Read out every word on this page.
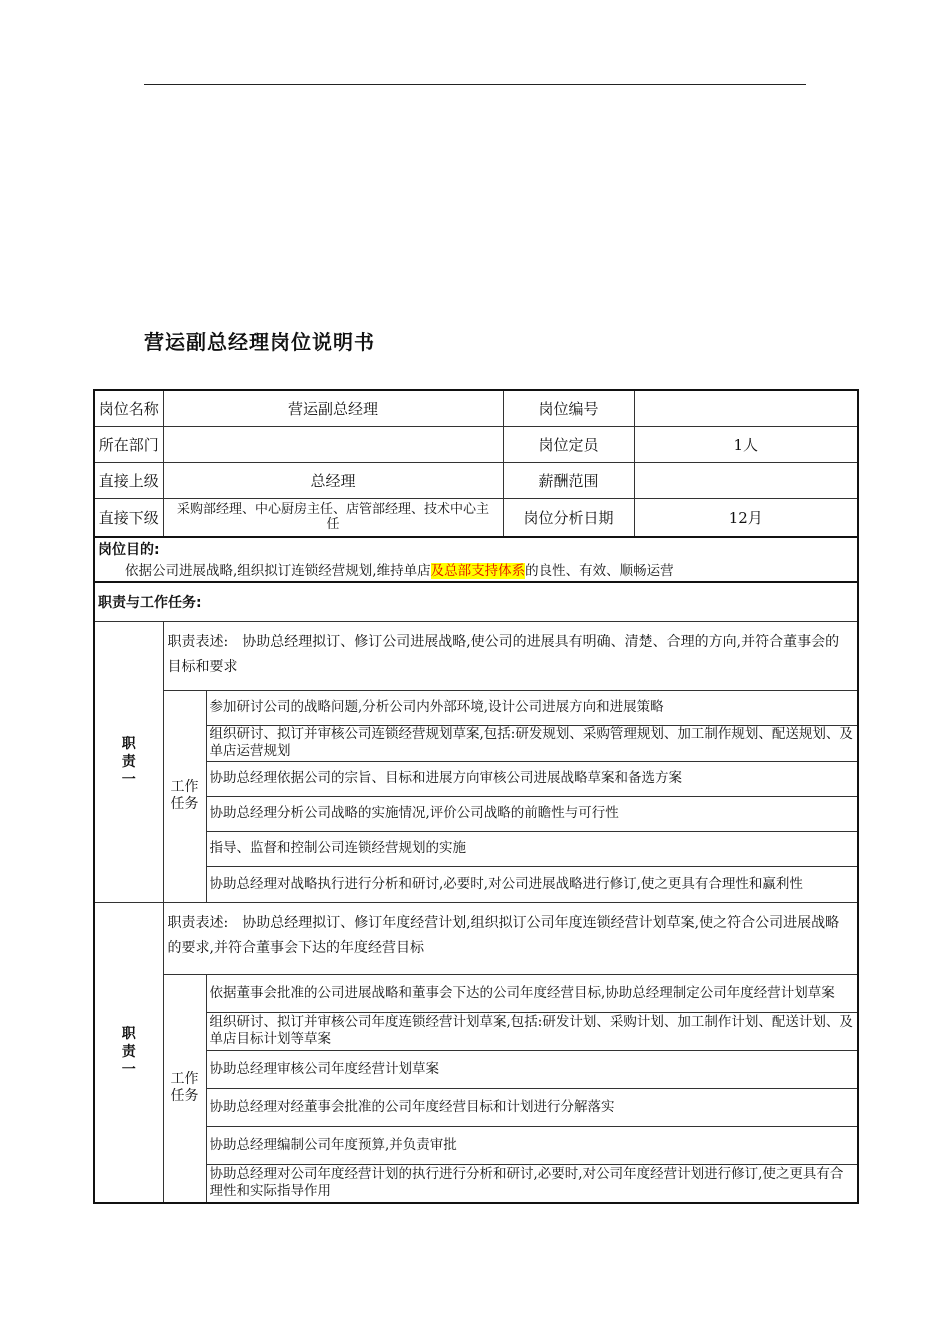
营运副总经理岗位说明书
岗位名称	营运副总经理		岗位编号	
所在部门			岗位定员	1人
直接上级	总经理		薪酬范围	
直接下级	采购部经理、中心厨房主任、店管部经理、技术中心主任		岗位分析日期	12月

岗位目的:
依据公司进展战略,组织拟订连锁经营规划,维持单店及总部支持体系的良性、有效、顺畅运营				

职责与工作任务:				

职责一	职责表述:　协助总经理拟订、修订公司进展战略,使公司的进展具有明确、清楚、合理的方向,并符合董事会的目标和要求			

	工作任务	参加研讨公司的战略问题,分析公司内外部环境,设计公司进展方向和进展策略		
		组织研讨、拟订并审核公司连锁经营规划草案,包括:研发规划、采购管理规划、加工制作规划、配送规划、及单店运营规划		
		协助总经理依据公司的宗旨、目标和进展方向审核公司进展战略草案和备选方案		
		协助总经理分析公司战略的实施情况,评价公司战略的前瞻性与可行性		
		指导、监督和控制公司连锁经营规划的实施		
		协助总经理对战略执行进行分析和研讨,必要时,对公司进展战略进行修订,使之更具有合理性和赢利性		

职责一	职责表述:　协助总经理拟订、修订年度经营计划,组织拟订公司年度连锁经营计划草案,使之符合公司进展战略的要求,并符合董事会下达的年度经营目标			

	工作任务	依据董事会批准的公司进展战略和董事会下达的公司年度经营目标,协助总经理制定公司年度经营计划草案		
		组织研讨、拟订并审核公司年度连锁经营计划草案,包括:研发计划、采购计划、加工制作计划、配送计划、及单店目标计划等草案		
		协助总经理审核公司年度经营计划草案		
		协助总经理对经董事会批准的公司年度经营目标和计划进行分解落实		
		协助总经理编制公司年度预算,并负责审批		
		协助总经理对公司年度经营计划的执行进行分析和研讨,必要时,对公司年度经营计划进行修订,使之更具有合理性和实际指导作用		
